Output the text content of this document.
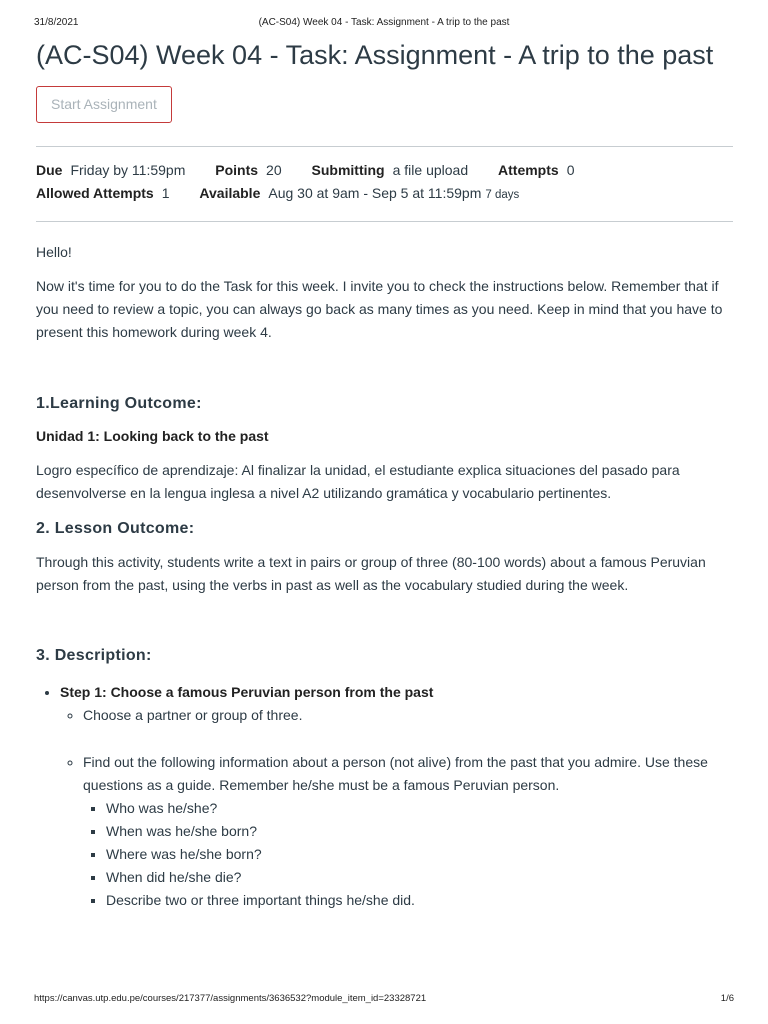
31/8/2021	(AC-S04) Week 04 - Task: Assignment - A trip to the past
(AC-S04) Week 04 - Task: Assignment - A trip to the past
Start Assignment
Due Friday by 11:59pm Points 20 Submitting a file upload Attempts 0
Allowed Attempts 1 Available Aug 30 at 9am - Sep 5 at 11:59pm 7 days

Hello!

Now it's time for you to do the Task for this week. I invite you to check the instructions below. Remember that if you need to review a topic, you can always go back as many times as you need. Keep in mind that you have to present this homework during week 4.

1.Learning Outcome:
Unidad 1: Looking back to the past

Logro específico de aprendizaje: Al finalizar la unidad, el estudiante explica situaciones del pasado para desenvolverse en la lengua inglesa a nivel A2 utilizando gramática y vocabulario pertinentes.

2. Lesson Outcome:

Through this activity, students write a text in pairs or group of three (80-100 words) about a famous Peruvian person from the past, using the verbs in past as well as the vocabulary studied during the week.

3. Description:
• Step 1: Choose a famous Peruvian person from the past
◦ Choose a partner or group of three.
◦ Find out the following information about a person (not alive) from the past that you admire. Use these questions as a guide. Remember he/she must be a famous Peruvian person.
▪ Who was he/she?
▪ When was he/she born?
▪ Where was he/she born?
▪ When did he/she die?
▪ Describe two or three important things he/she did.
https://canvas.utp.edu.pe/courses/217377/assignments/3636532?module_item_id=23328721	1/6
